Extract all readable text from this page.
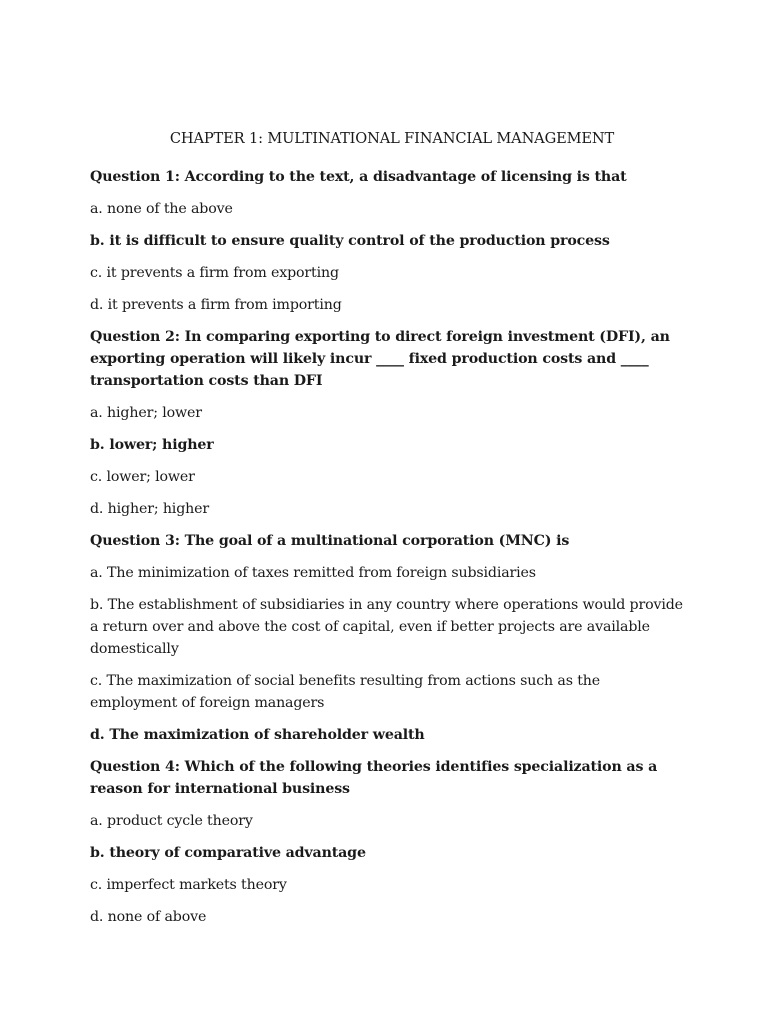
CHAPTER 1: MULTINATIONAL FINANCIAL MANAGEMENT
Question 1: According to the text, a disadvantage of licensing is that
a. none of the above
b. it is difficult to ensure quality control of the production process
c. it prevents a firm from exporting
d. it prevents a firm from importing
Question 2: In comparing exporting to direct foreign investment (DFI), an exporting operation will likely incur ____ fixed production costs and ____ transportation costs than DFI
a. higher; lower
b. lower; higher
c. lower; lower
d. higher; higher
Question 3: The goal of a multinational corporation (MNC) is
a. The minimization of taxes remitted from foreign subsidiaries
b. The establishment of subsidiaries in any country where operations would provide a return over and above the cost of capital, even if better projects are available domestically
c. The maximization of social benefits resulting from actions such as the employment of foreign managers
d. The maximization of shareholder wealth
Question 4: Which of the following theories identifies specialization as a reason for international business
a. product cycle theory
b. theory of comparative advantage
c. imperfect markets theory
d. none of above
